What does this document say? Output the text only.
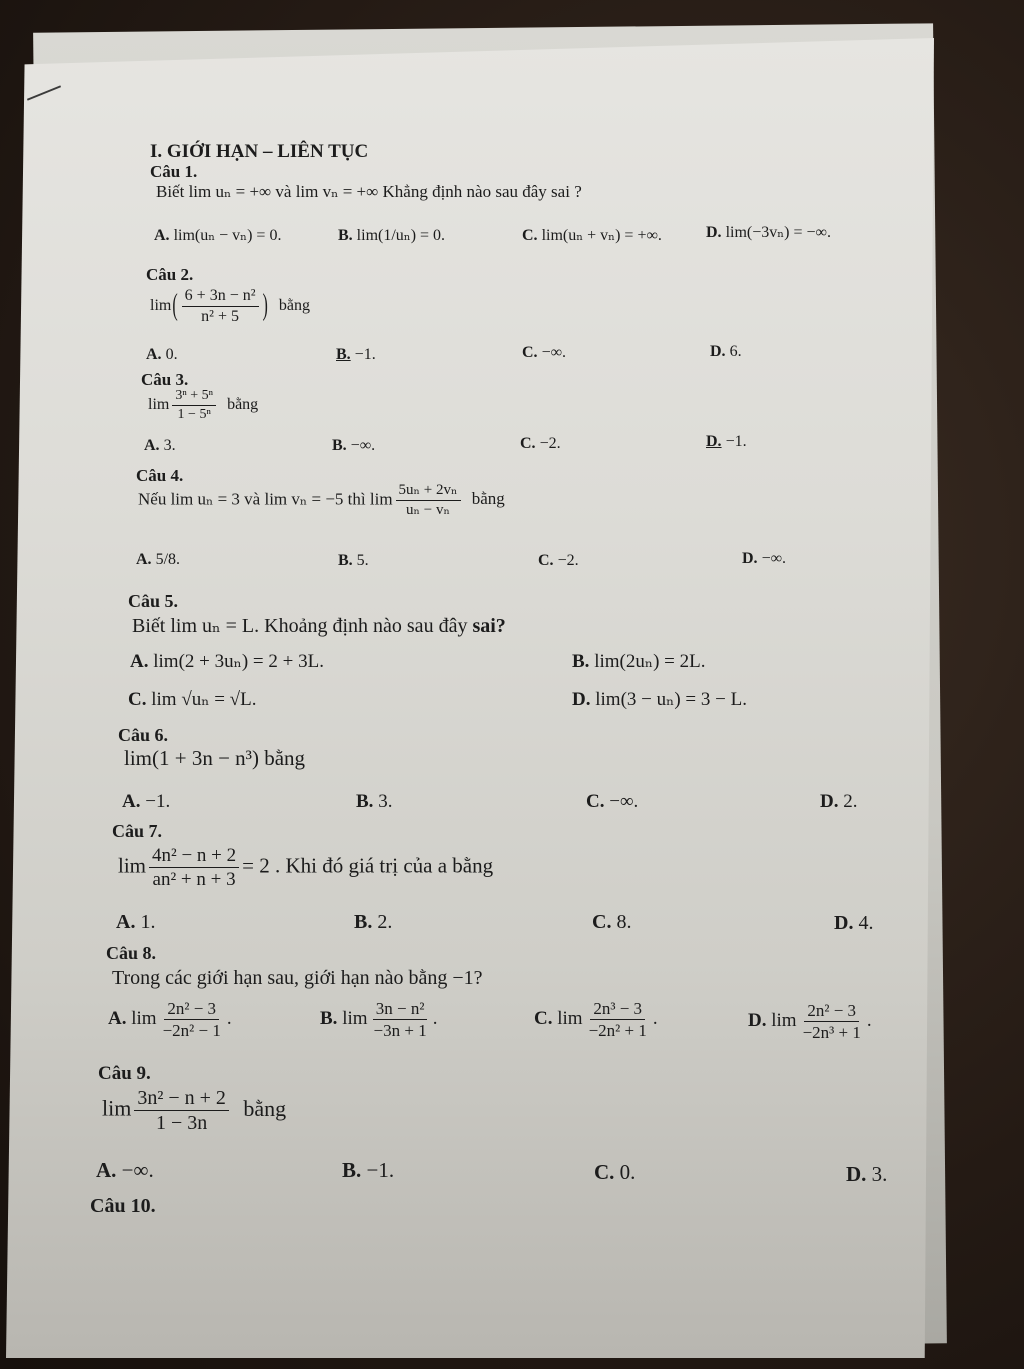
I. GIỚI HẠN – LIÊN TỤC
Câu 1.
Biết lim uₙ = +∞ và lim vₙ = +∞ Khẳng định nào sau đây sai ?
A. lim(uₙ − vₙ) = 0.	B. lim(1/uₙ) = 0.	C. lim(uₙ + vₙ) = +∞.	D. lim(−3vₙ) = −∞.
Câu 2.
$\lim( \frac{\text{6 + 3n − n²}}{\text{n² + 5}}$ ) bằng
A. 0.	B. −1.	C. −∞.	D. 6.
Câu 3.
$\lim \frac{\text{3ⁿ + 5ⁿ}}{\text{1 − 5ⁿ}}$ bằng
A. 3.	B. −∞.	C. −2.	D. −1.
Câu 4.
Nếu lim uₙ = 3 và lim vₙ = −5 thì $\lim \frac{\text{5uₙ + 2vₙ}}{\text{uₙ − vₙ}}$ bằng
A. 5/8.	B. 5.	C. −2.	D. −∞.
Câu 5.
Biết lim uₙ = L. Khoảng định nào sau đây sai?
A. lim(2 + 3uₙ) = 2 + 3L.	B. lim(2uₙ) = 2L.
C. lim √uₙ = √L.	D. lim(3 − uₙ) = 3 − L.
Câu 6.
lim(1 + 3n − n³) bằng
A. −1.	B. 3.	C. −∞.	D. 2.
Câu 7.
$\lim \frac{\text{4n² − n + 2}}{\text{an² + n + 3}} = 2$ . Khi đó giá trị của a bằng
A. 1.	B. 2.	C. 8.	D. 4.
Câu 8.
Trong các giới hạn sau, giới hạn nào bằng −1?
A. $\lim \frac{\text{2n² − 3}}{\text{−2n² − 1}}$ .	B. $\lim \frac{\text{3n − n²}}{-3n + 1}$ .	C. $\lim \frac{\text{2n³ − 3}}{\text{−2n² + 1}}$ .	D. $\lim \frac{\text{2n² − 3}}{\text{−2n³ + 1}}$ .
Câu 9.
$\lim \frac{\text{3n² − n + 2}}{1 - 3n}$ bằng
A. −∞.	B. −1.	C. 0.	D. 3.
Câu 10.
